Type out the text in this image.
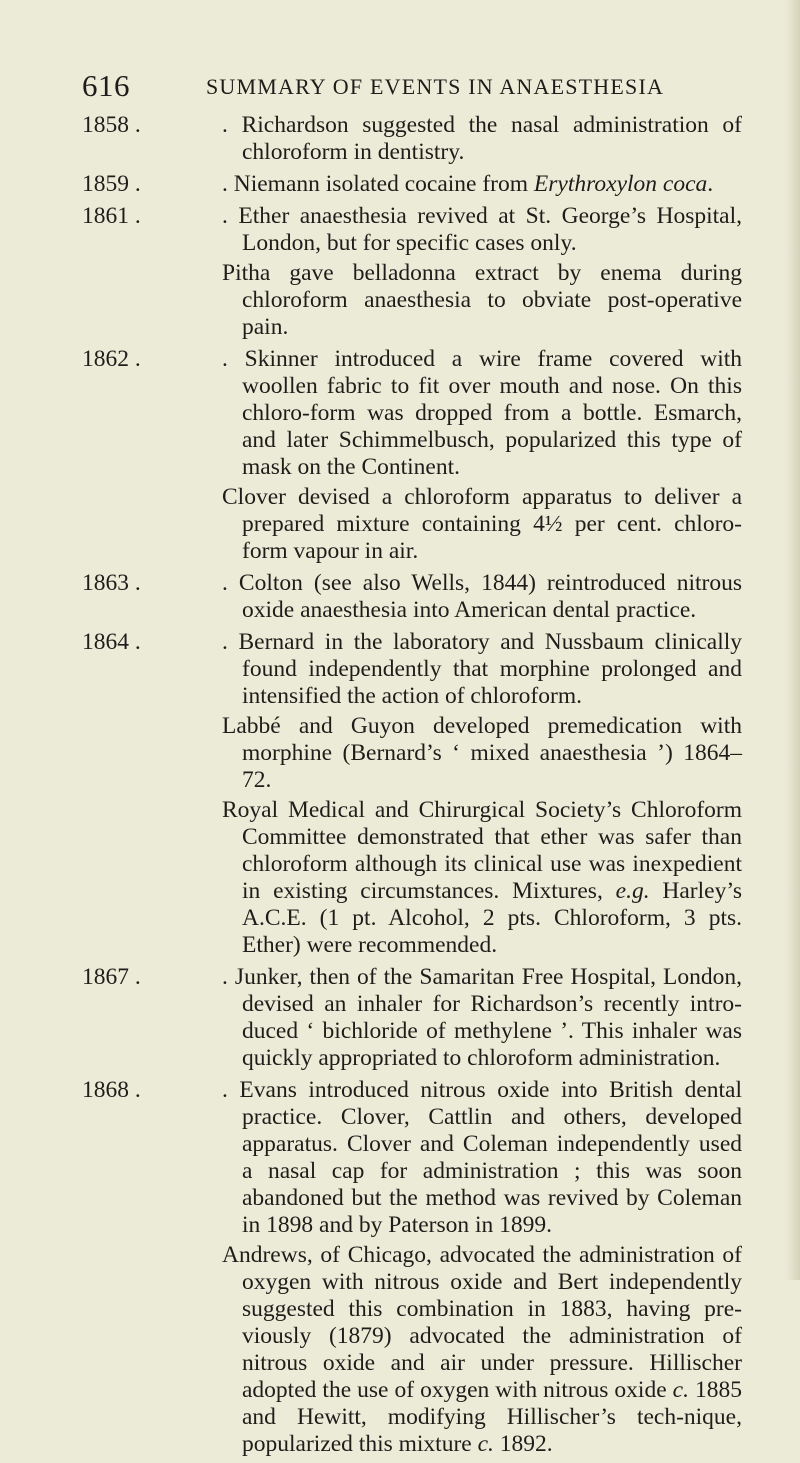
616	SUMMARY OF EVENTS IN ANAESTHESIA
1858 .	. Richardson suggested the nasal administration of chloroform in dentistry.

1859 .	. Niemann isolated cocaine from Erythroxylon coca.

1861 .	. Ether anaesthesia revived at St. George’s Hospital, London, but for specific cases only.

Pitha gave belladonna extract by enema during chloroform anaesthesia to obviate post-operative pain.

1862 .	. Skinner introduced a wire frame covered with woollen fabric to fit over mouth and nose. On this chloro-form was dropped from a bottle. Esmarch, and later Schimmelbusch, popularized this type of mask on the Continent.

Clover devised a chloroform apparatus to deliver a prepared mixture containing 4½ per cent. chloro-form vapour in air.

1863 .	. Colton (see also Wells, 1844) reintroduced nitrous oxide anaesthesia into American dental practice.

1864 .	. Bernard in the laboratory and Nussbaum clinically found independently that morphine prolonged and intensified the action of chloroform.

Labbé and Guyon developed premedication with morphine (Bernard’s ‘ mixed anaesthesia ’) 1864–72.

Royal Medical and Chirurgical Society’s Chloroform Committee demonstrated that ether was safer than chloroform although its clinical use was inexpedient in existing circumstances. Mixtures, e.g. Harley’s A.C.E. (1 pt. Alcohol, 2 pts. Chloroform, 3 pts. Ether) were recommended.

1867 .	. Junker, then of the Samaritan Free Hospital, London, devised an inhaler for Richardson’s recently intro-duced ‘ bichloride of methylene ’. This inhaler was quickly appropriated to chloroform administration.

1868 .	. Evans introduced nitrous oxide into British dental practice. Clover, Cattlin and others, developed apparatus. Clover and Coleman independently used a nasal cap for administration ; this was soon abandoned but the method was revived by Coleman in 1898 and by Paterson in 1899.

Andrews, of Chicago, advocated the administration of oxygen with nitrous oxide and Bert independently suggested this combination in 1883, having pre-viously (1879) advocated the administration of nitrous oxide and air under pressure. Hillischer adopted the use of oxygen with nitrous oxide c. 1885 and Hewitt, modifying Hillischer’s tech-nique, popularized this mixture c. 1892.
